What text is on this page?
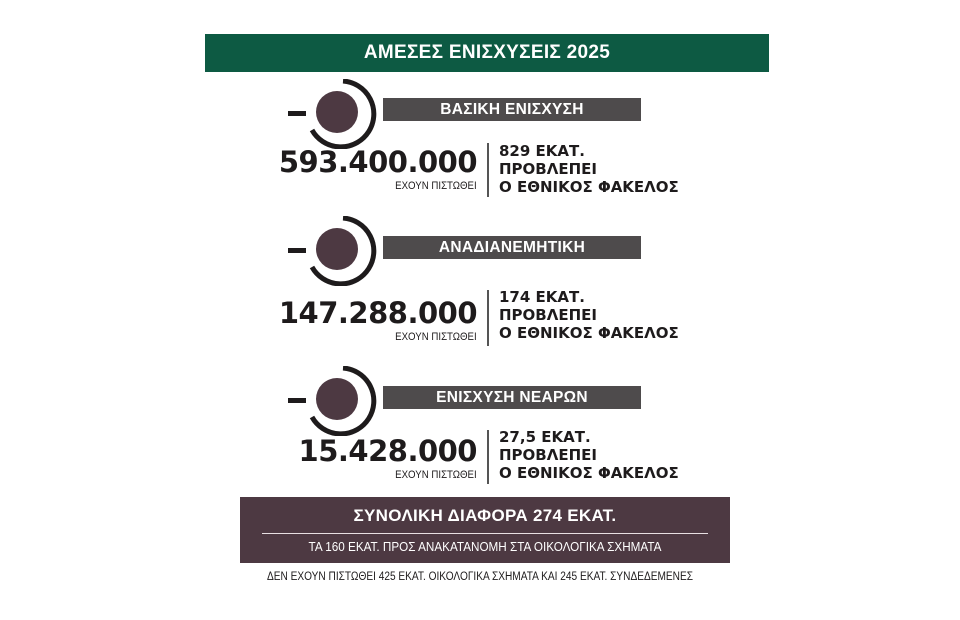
ΑΜΕΣΕΣ ΕΝΙΣΧΥΣΕΙΣ 2025
ΒΑΣΙΚΗ ΕΝΙΣΧΥΣΗ
593.400.000
ΕΧΟΥΝ ΠΙΣΤΩΘΕΙ
829 ΕΚΑΤ.
ΠΡΟΒΛΕΠΕΙ
Ο ΕΘΝΙΚΟΣ ΦΑΚΕΛΟΣ
ΑΝΑΔΙΑΝΕΜΗΤΙΚΗ
147.288.000
ΕΧΟΥΝ ΠΙΣΤΩΘΕΙ
174 ΕΚΑΤ.
ΠΡΟΒΛΕΠΕΙ
Ο ΕΘΝΙΚΟΣ ΦΑΚΕΛΟΣ
ΕΝΙΣΧΥΣΗ ΝΕΑΡΩΝ
15.428.000
ΕΧΟΥΝ ΠΙΣΤΩΘΕΙ
27,5 ΕΚΑΤ.
ΠΡΟΒΛΕΠΕΙ
Ο ΕΘΝΙΚΟΣ ΦΑΚΕΛΟΣ
ΣΥΝΟΛΙΚΗ ΔΙΑΦΟΡΑ 274 ΕΚΑΤ.
ΤΑ 160 ΕΚΑΤ. ΠΡΟΣ ΑΝΑΚΑΤΑΝΟΜΗ ΣΤΑ ΟΙΚΟΛΟΓΙΚΑ ΣΧΗΜΑΤΑ
ΔΕΝ ΕΧΟΥΝ ΠΙΣΤΩΘΕΙ 425 ΕΚΑΤ. ΟΙΚΟΛΟΓΙΚΑ ΣΧΗΜΑΤΑ ΚΑΙ 245 ΕΚΑΤ. ΣΥΝΔΕΔΕΜΕΝΕΣ
